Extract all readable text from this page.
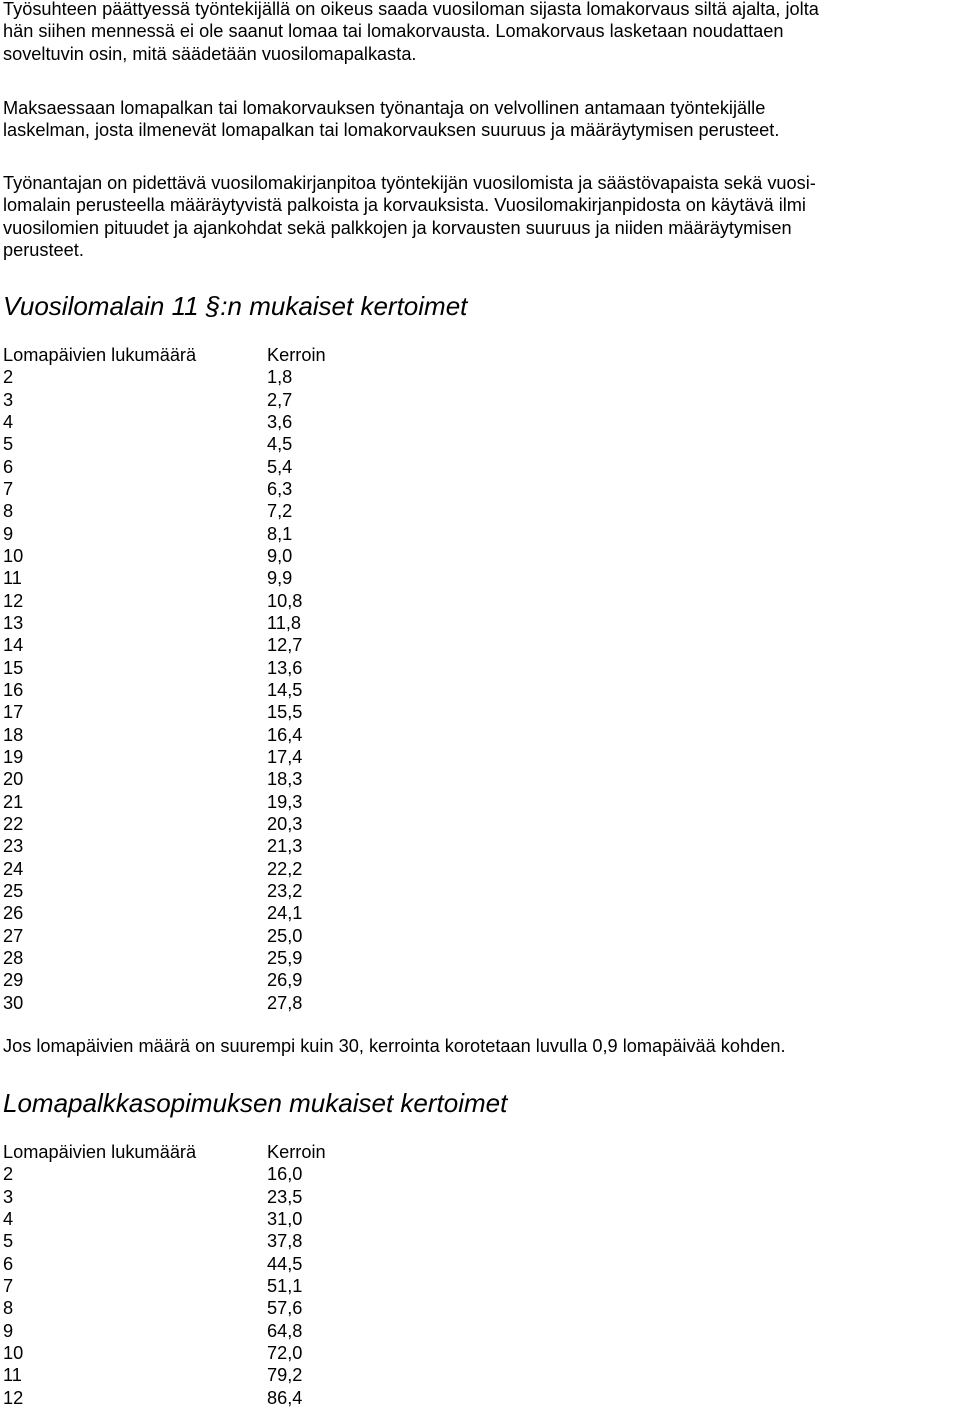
Työsuhteen päättyessä työntekijällä on oikeus saada vuosiloman sijasta lomakorvaus siltä ajalta, jolta
hän siihen mennessä ei ole saanut lomaa tai lomakorvausta. Lomakorvaus lasketaan noudattaen
soveltuvin osin, mitä säädetään vuosilomapalkasta.

Maksaessaan lomapalkan tai lomakorvauksen työnantaja on velvollinen antamaan työntekijälle
laskelman, josta ilmenevät lomapalkan tai lomakorvauksen suuruus ja määräytymisen perusteet.

Työnantajan on pidettävä vuosilomakirjanpitoa työntekijän vuosilomista ja säästövapaista sekä vuosi-
lomalain perusteella määräytyvistä palkoista ja korvauksista. Vuosilomakirjanpidosta on käytävä ilmi
vuosilomien pituudet ja ajankohdat sekä palkkojen ja korvausten suuruus ja niiden määräytymisen
perusteet.

Vuosilomalain 11 §:n mukaiset kertoimet
Lomapäivien lukumäärä	Kerroin
2	1,8
3	2,7
4	3,6
5	4,5
6	5,4
7	6,3
8	7,2
9	8,1
10	9,0
11	9,9
12	10,8
13	11,8
14	12,7
15	13,6
16	14,5
17	15,5
18	16,4
19	17,4
20	18,3
21	19,3
22	20,3
23	21,3
24	22,2
25	23,2
26	24,1
27	25,0
28	25,9
29	26,9
30	27,8

Jos lomapäivien määrä on suurempi kuin 30, kerrointa korotetaan luvulla 0,9 lomapäivää kohden.

Lomapalkkasopimuksen mukaiset kertoimet
Lomapäivien lukumäärä	Kerroin
2	16,0
3	23,5
4	31,0
5	37,8
6	44,5
7	51,1
8	57,6
9	64,8
10	72,0
11	79,2
12	86,4
